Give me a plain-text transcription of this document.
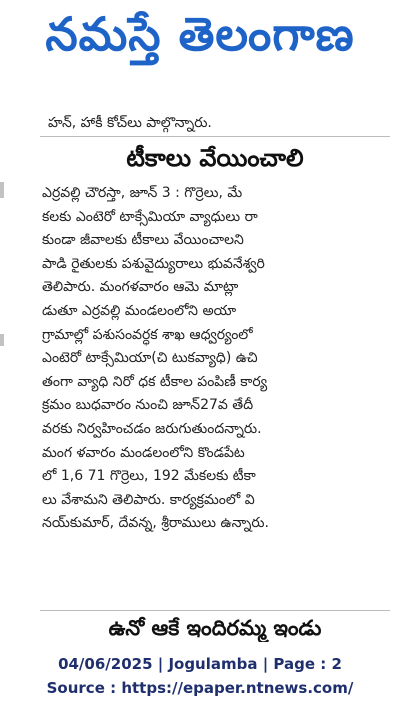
నమస్తే తెలంగాణ
హన్, హాకీ కోచ్‌లు పాల్గొన్నారు.
టీకాలు వేయించాలి
ఎర్రవల్లి చౌరస్తా, జూన్ 3 : గొర్రెలు, మే
కలకు ఎంటెరో టాక్సేమియా వ్యాధులు రా
కుండా జీవాలకు టీకాలు వేయించాలని
పాడి రైతులకు పశువైద్యురాలు భువనేశ్వరి
తెలిపారు. మంగళవారం ఆమె మాట్లా
డుతూ ఎర్రవల్లి మండలంలోని అయా
గ్రామాల్లో పశుసంవర్ధక శాఖ ఆధ్వర్యంలో
ఎంటెరో టాక్సేమియా(చి టుకవ్యాధి) ఉచి
తంగా వ్యాధి నిరో ధక టీకాల పంపిణీ కార్య
క్రమం బుధవారం నుంచి జూన్27వ తేదీ
వరకు నిర్వహించడం జరుగుతుందన్నారు.
మంగ ళవారం మండలంలోని కొండపేట
లో 1,6 71 గొర్రెలు, 192 మేకలకు టీకా
లు వేశామని తెలిపారు. కార్యక్రమంలో వి
నయ్‌కుమార్, దేవన్న, శ్రీరాములు ఉన్నారు.
ఉనో ఆకే ఇందిరమ్మ ఇండు
04/06/2025 | Jogulamba | Page : 2
Source : https://epaper.ntnews.com/
